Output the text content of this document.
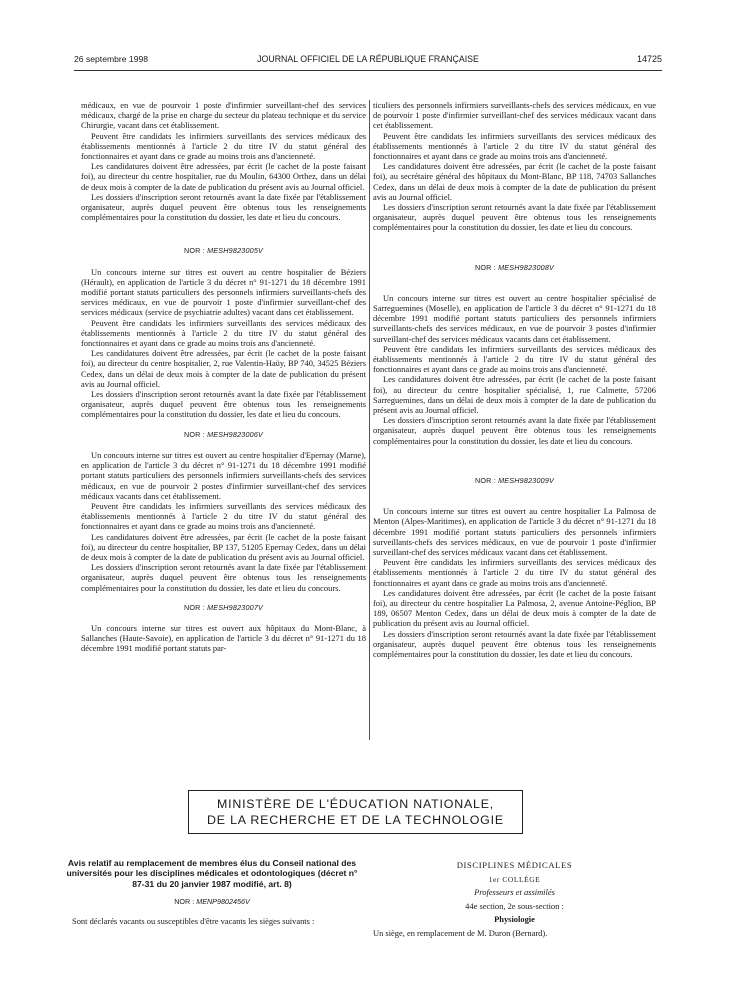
26 septembre 1998	JOURNAL OFFICIEL DE LA RÉPUBLIQUE FRANÇAISE	14725

médicaux, en vue de pourvoir 1 poste d'infirmier surveillant-chef des services médicaux, chargé de la prise en charge du secteur du plateau technique et du service Chirurgie, vacant dans cet établissement.

Peuvent être candidats les infirmiers surveillants des services médicaux des établissements mentionnés à l'article 2 du titre IV du statut général des fonctionnaires et ayant dans ce grade au moins trois ans d'ancienneté.

Les candidatures doivent être adressées, par écrit (le cachet de la poste faisant foi), au directeur du centre hospitalier, rue du Moulin, 64300 Orthez, dans un délai de deux mois à compter de la date de publication du présent avis au Journal officiel.

Les dossiers d'inscription seront retournés avant la date fixée par l'établissement organisateur, auprès duquel peuvent être obtenus tous les renseignements complémentaires pour la constitution du dossier, les date et lieu du concours.

NOR : MESH9823005V

Un concours interne sur titres est ouvert au centre hospitalier de Béziers (Hérault), en application de l'article 3 du décret n° 91-1271 du 18 décembre 1991 modifié portant statuts particuliers des personnels infirmiers surveillants-chefs des services médicaux, en vue de pourvoir 1 poste d'infirmier surveillant-chef des services médicaux (service de psychiatrie adultes) vacant dans cet établissement.

Peuvent être candidats les infirmiers surveillants des services médicaux des établissements mentionnés à l'article 2 du titre IV du statut général des fonctionnaires et ayant dans ce grade au moins trois ans d'ancienneté.

Les candidatures doivent être adressées, par écrit (le cachet de la poste faisant foi), au directeur du centre hospitalier, 2, rue Valentin-Haüy, BP 740, 34525 Béziers Cedex, dans un délai de deux mois à compter de la date de publication du présent avis au Journal officiel.

Les dossiers d'inscription seront retournés avant la date fixée par l'établissement organisateur, auprès duquel peuvent être obtenus tous les renseignements complémentaires pour la constitution du dossier, les date et lieu du concours.

NOR : MESH9823006V

Un concours interne sur titres est ouvert au centre hospitalier d'Epernay (Marne), en application de l'article 3 du décret n° 91-1271 du 18 décembre 1991 modifié portant statuts particuliers des personnels infirmiers surveillants-chefs des services médicaux, en vue de pourvoir 2 postes d'infirmier surveillant-chef des services médicaux vacants dans cet établissement.

Peuvent être candidats les infirmiers surveillants des services médicaux des établissements mentionnés à l'article 2 du titre IV du statut général des fonctionnaires et ayant dans ce grade au moins trois ans d'ancienneté.

Les candidatures doivent être adressées, par écrit (le cachet de la poste faisant foi), au directeur du centre hospitalier, BP 137, 51205 Epernay Cedex, dans un délai de deux mois à compter de la date de publication du présent avis au Journal officiel.

Les dossiers d'inscription seront retournés avant la date fixée par l'établissement organisateur, auprès duquel peuvent être obtenus tous les renseignements complémentaires pour la constitution du dossier, les date et lieu du concours.

NOR : MESH9823007V

Un concours interne sur titres est ouvert aux hôpitaux du Mont-Blanc, à Sallanches (Haute-Savoie), en application de l'article 3 du décret n° 91-1271 du 18 décembre 1991 modifié portant statuts par-

ticuliers des personnels infirmiers surveillants-chefs des services médicaux, en vue de pourvoir 1 poste d'infirmier surveillant-chef des services médicaux vacant dans cet établissement.

Peuvent être candidats les infirmiers surveillants des services médicaux des établissements mentionnés à l'article 2 du titre IV du statut général des fonctionnaires et ayant dans ce grade au moins trois ans d'ancienneté.

Les candidatures doivent être adressées, par écrit (le cachet de la poste faisant foi), au secrétaire général des hôpitaux du Mont-Blanc, BP 118, 74703 Sallanches Cedex, dans un délai de deux mois à compter de la date de publication du présent avis au Journal officiel.

Les dossiers d'inscription seront retournés avant la date fixée par l'établissement organisateur, auprès duquel peuvent être obtenus tous les renseignements complémentaires pour la constitution du dossier, les date et lieu du concours.

NOR : MESH9823008V

Un concours interne sur titres est ouvert au centre hospitalier spécialisé de Sarreguemines (Moselle), en application de l'article 3 du décret n° 91-1271 du 18 décembre 1991 modifié portant statuts particuliers des personnels infirmiers surveillants-chefs des services médicaux, en vue de pourvoir 3 postes d'infirmier surveillant-chef des services médicaux vacants dans cet établissement.

Peuvent être candidats les infirmiers surveillants des services médicaux des établissements mentionnés à l'article 2 du titre IV du statut général des fonctionnaires et ayant dans ce grade au moins trois ans d'ancienneté.

Les candidatures doivent être adressées, par écrit (le cachet de la poste faisant foi), au directeur du centre hospitalier spécialisé, 1, rue Calmette, 57206 Sarreguemines, dans un délai de deux mois à compter de la date de publication du présent avis au Journal officiel.

Les dossiers d'inscription seront retournés avant la date fixée par l'établissement organisateur, auprès duquel peuvent être obtenus tous les renseignements complémentaires pour la constitution du dossier, les date et lieu du concours.

NOR : MESH9823009V

Un concours interne sur titres est ouvert au centre hospitalier La Palmosa de Menton (Alpes-Maritimes), en application de l'article 3 du décret n° 91-1271 du 18 décembre 1991 modifié portant statuts particuliers des personnels infirmiers surveillants-chefs des services médicaux, en vue de pourvoir 1 poste d'infirmier surveillant-chef des services médicaux vacant dans cet établissement.

Peuvent être candidats les infirmiers surveillants des services médicaux des établissements mentionnés à l'article 2 du titre IV du statut général des fonctionnaires et ayant dans ce grade au moins trois ans d'ancienneté.

Les candidatures doivent être adressées, par écrit (le cachet de la poste faisant foi), au directeur du centre hospitalier La Palmosa, 2, avenue Antoine-Péglion, BP 189, 06507 Menton Cedex, dans un délai de deux mois à compter de la date de publication du présent avis au Journal officiel.

Les dossiers d'inscription seront retournés avant la date fixée par l'établissement organisateur, auprès duquel peuvent être obtenus tous les renseignements complémentaires pour la constitution du dossier, les date et lieu du concours.

MINISTÈRE DE L'ÉDUCATION NATIONALE,
DE LA RECHERCHE ET DE LA TECHNOLOGIE
Avis relatif au remplacement de membres élus du Conseil national des universités pour les disciplines médicales et odontologiques (décret n° 87-31 du 20 janvier 1987 modifié, art. 8)
NOR : MENP9802456V

Sont déclarés vacants ou susceptibles d'être vacants les sièges suivants :

DISCIPLINES MÉDICALES
1er COLLÈGE
Professeurs et assimilés
44e section, 2e sous-section :
Physiologie
Un siège, en remplacement de M. Duron (Bernard).
